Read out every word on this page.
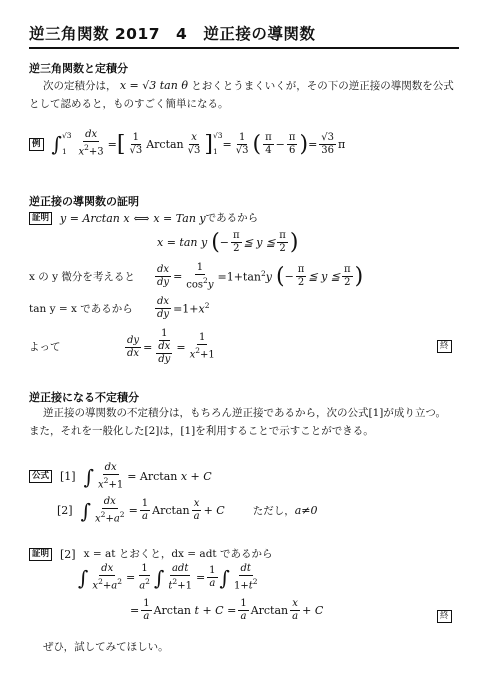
逆三角関数 2017　4　逆正接の導関数
逆三角関数と定積分
次の定積分は， x = √3 tan θ とおくとうまくいくが，その下の逆正接の導関数を公式
として認めると，ものすごく簡単になる。
例 ∫ √3
$1 \frac{dx}{x^2+3}$ = [ $\frac{1}{√3}$ Arctan $\frac{x}{√3}$ ] √3
1
= $\frac{1}{√3}$ ( $\frac{\pi}{4} - \frac{\pi}{6}$ ) = $\frac{√3}{36}$ π
逆正接の導関数の証明
証明 y = Arctan x ⟺ x = Tan y であるから
x = tan y ( − $\frac{\pi}{2}$ ≦ y ≦ $\frac{\pi}{2}$ )
x の y 微分を考えると	$\frac{dx}{dy} = \frac{1}{\cos^2y} =1+\tan^2y$ ( − $\frac{\pi}{2}$ ≦ y ≦ $\frac{\pi}{2}$ )
tan y = x であるから	$\frac{dx}{dy} =1+x^2$
よって	$\frac{dy}{dx} = \frac{1}{\frac{dx}{dy}} = \frac{1}{x^2+1}$	終
逆正接になる不定積分
逆正接の導関数の不定積分は，もちろん逆正接であるから，次の公式[1]が成り立つ。
また，それを一般化した[2]は，[1]を利用することで示すことができる。
公式 [1] ∫ $\frac{dx}{x^2+1} = Arctan$ x + C
[2] ∫ $\frac{dx}{x^2+a^2} = \frac{1}{a}$ Arctan $\frac{x}{a} + C$	ただし， a≠0
証明 [2] x = at とおくと，dx = adt であるから
∫ $\frac{dx}{x^2+a^2} = \frac{1}{a^2}$ ∫ $\frac{\text{adt}}{t^2+1} = \frac{1}{a}$ ∫ $\frac{dt}{1+t^2}$
= $\frac{1}{a}$ Arctan $t + C = \frac{1}{a}$ Arctan $\frac{x}{a} + C$	終
ぜひ，試してみてほしい。
